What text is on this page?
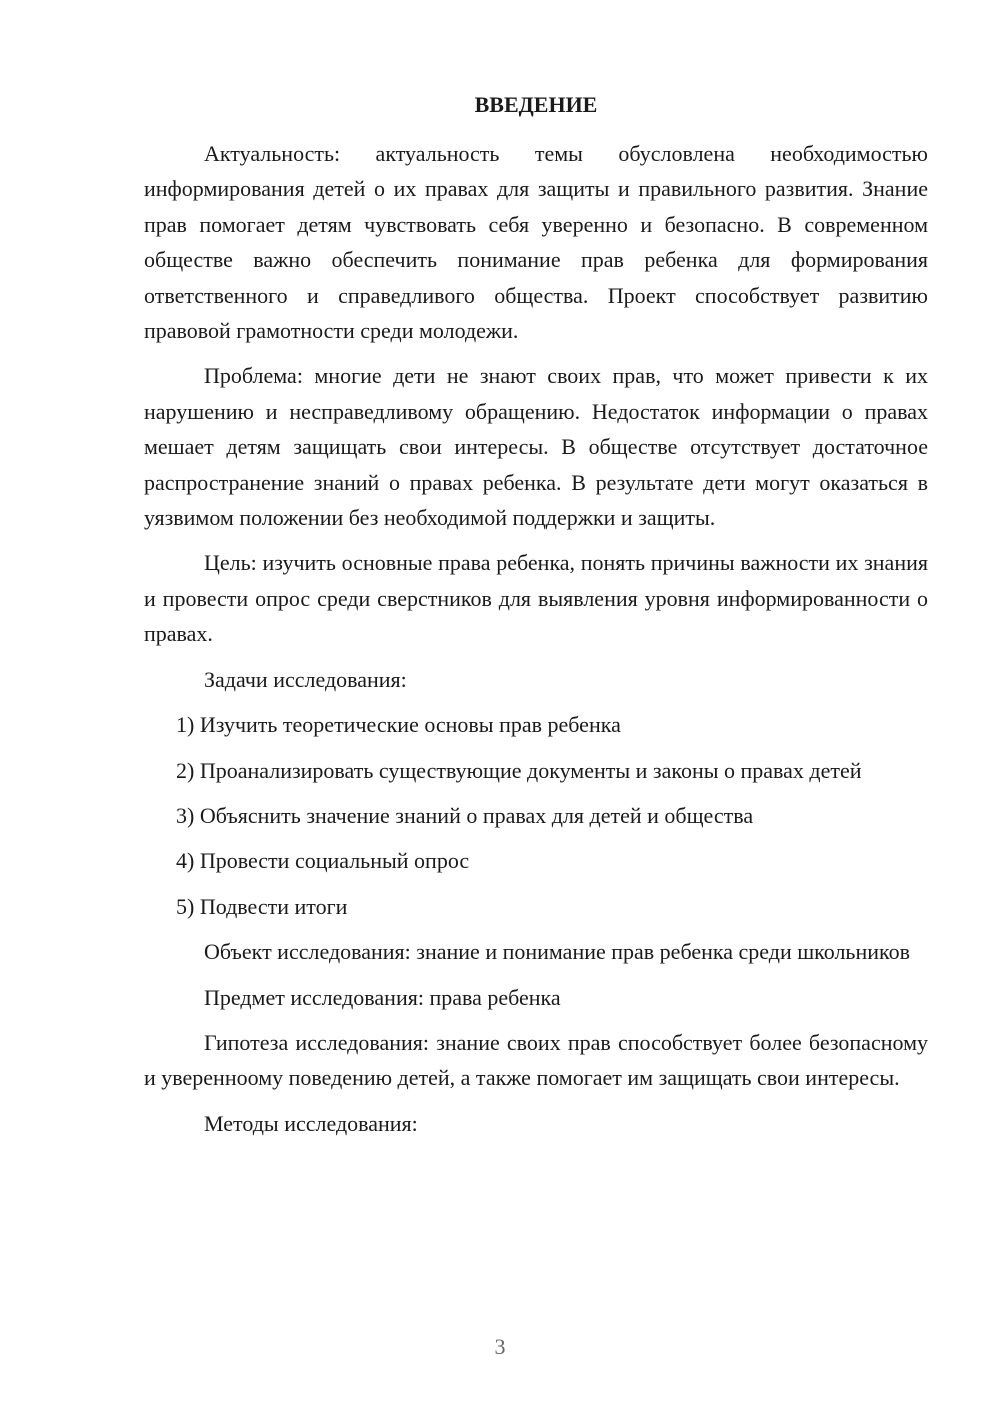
ВВЕДЕНИЕ

Актуальность: актуальность темы обусловлена необходимостью информирования детей о их правах для защиты и правильного развития. Знание прав помогает детям чувствовать себя уверенно и безопасно. В современном обществе важно обеспечить понимание прав ребенка для формирования ответственного и справедливого общества. Проект способствует развитию правовой грамотности среди молодежи.

Проблема: многие дети не знают своих прав, что может привести к их нарушению и несправедливому обращению. Недостаток информации о правах мешает детям защищать свои интересы. В обществе отсутствует достаточное распространение знаний о правах ребенка. В результате дети могут оказаться в уязвимом положении без необходимой поддержки и защиты.

Цель: изучить основные права ребенка, понять причины важности их знания и провести опрос среди сверстников для выявления уровня информированности о правах.

Задачи исследования:

1) Изучить теоретические основы прав ребенка

2) Проанализировать существующие документы и законы о правах детей

3) Объяснить значение знаний о правах для детей и общества

4) Провести социальный опрос

5) Подвести итоги

Объект исследования: знание и понимание прав ребенка среди школьников

Предмет исследования: права ребенка

Гипотеза исследования: знание своих прав способствует более безопасному и увереннoому поведению детей, а также помогает им защищать свои интересы.

Методы исследования:

3
